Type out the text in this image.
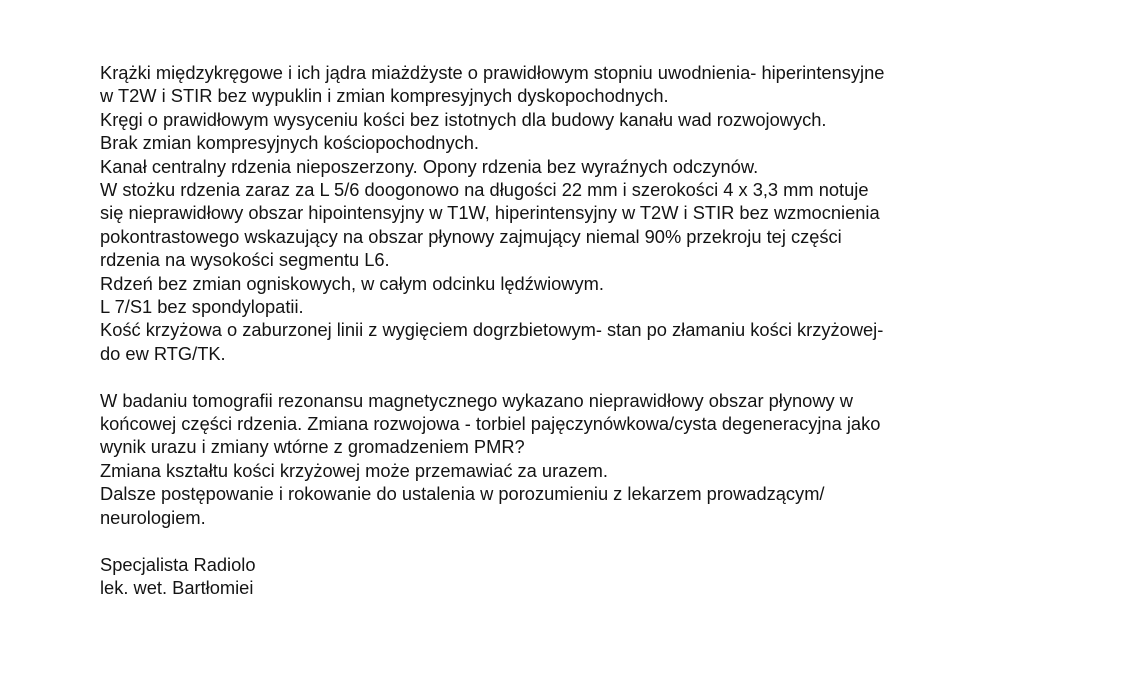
Krążki międzykręgowe i ich jądra miażdżyste o prawidłowym stopniu uwodnienia- hiperintensyjne
w T2W i STIR bez wypuklin i zmian kompresyjnych dyskopochodnych.
Kręgi o prawidłowym wysyceniu kości bez istotnych dla budowy kanału wad rozwojowych.
Brak zmian kompresyjnych kościopochodnych.
Kanał centralny rdzenia nieposzerzony. Opony rdzenia bez wyraźnych odczynów.
W stożku rdzenia zaraz za L 5/6 doogonowo na długości 22 mm i szerokości 4 x 3,3 mm notuje
się nieprawidłowy obszar hipointensyjny w T1W, hiperintensyjny w T2W i STIR bez wzmocnienia
pokontrastowego wskazujący na obszar płynowy zajmujący niemal 90% przekroju tej części
rdzenia na wysokości segmentu L6.
Rdzeń bez zmian ogniskowych, w całym odcinku lędźwiowym.
L 7/S1 bez spondylopatii.
Kość krzyżowa o zaburzonej linii z wygięciem dogrzbietowym- stan po złamaniu kości krzyżowej-
do ew RTG/TK.
W badaniu tomografii rezonansu magnetycznego wykazano nieprawidłowy obszar płynowy w
końcowej części rdzenia. Zmiana rozwojowa - torbiel pajęczynówkowa/cysta degeneracyjna jako
wynik urazu i zmiany wtórne z gromadzeniem PMR?
Zmiana kształtu kości krzyżowej może przemawiać za urazem.
Dalsze postępowanie i rokowanie do ustalenia w porozumieniu z lekarzem prowadzącym/
neurologiem.
Specjalista Radiolo
lek. wet. Bartłomiei
